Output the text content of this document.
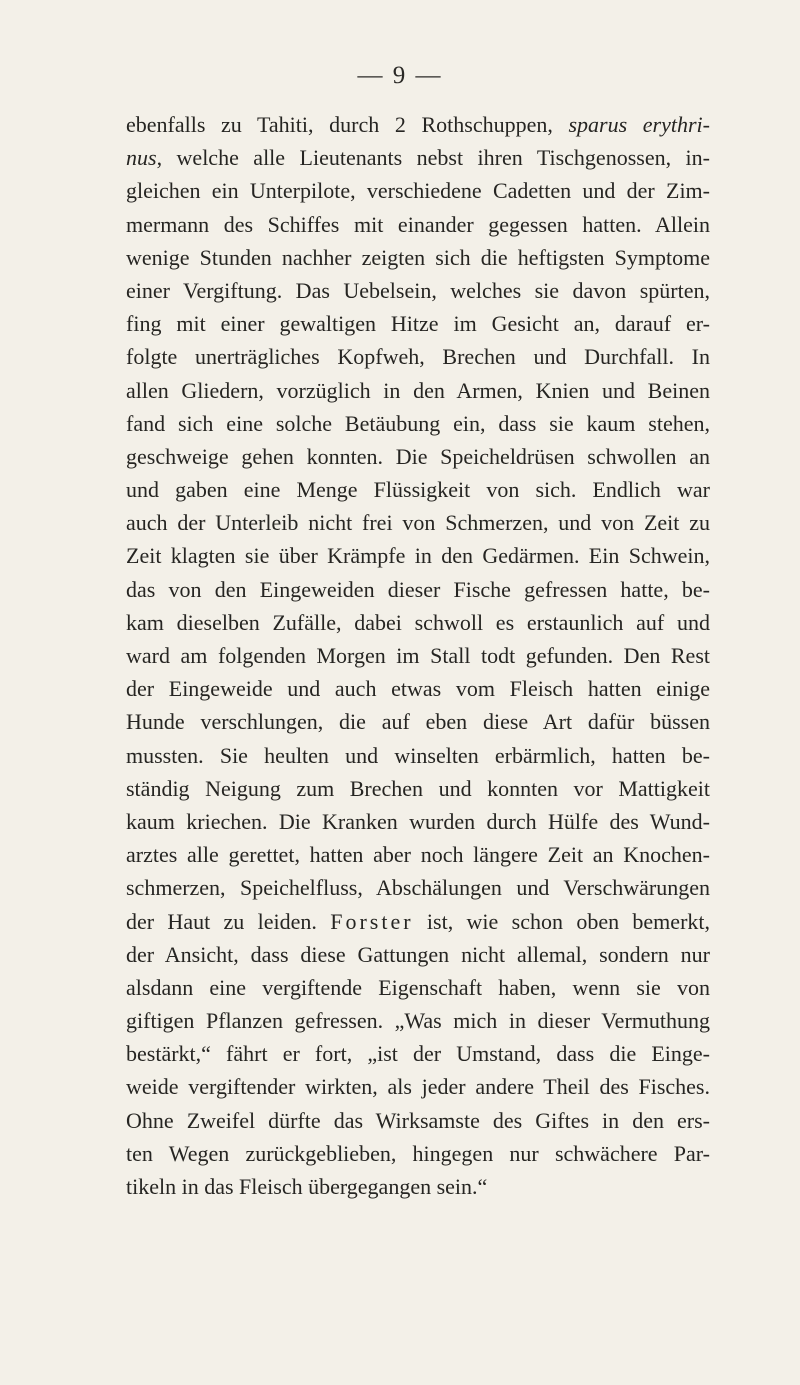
— 9 —
ebenfalls zu Tahiti, durch 2 Rothschuppen, sparus erythri-
nus, welche alle Lieutenants nebst ihren Tischgenossen, in-
gleichen ein Unterpilote, verschiedene Cadetten und der Zim-
mermann des Schiffes mit einander gegessen hatten. Allein
wenige Stunden nachher zeigten sich die heftigsten Symptome
einer Vergiftung. Das Uebelsein, welches sie davon spürten,
fing mit einer gewaltigen Hitze im Gesicht an, darauf er-
folgte unerträgliches Kopfweh, Brechen und Durchfall. In
allen Gliedern, vorzüglich in den Armen, Knien und Beinen
fand sich eine solche Betäubung ein, dass sie kaum stehen,
geschweige gehen konnten. Die Speicheldrüsen schwollen an
und gaben eine Menge Flüssigkeit von sich. Endlich war
auch der Unterleib nicht frei von Schmerzen, und von Zeit zu
Zeit klagten sie über Krämpfe in den Gedärmen. Ein Schwein,
das von den Eingeweiden dieser Fische gefressen hatte, be-
kam dieselben Zufälle, dabei schwoll es erstaunlich auf und
ward am folgenden Morgen im Stall todt gefunden. Den Rest
der Eingeweide und auch etwas vom Fleisch hatten einige
Hunde verschlungen, die auf eben diese Art dafür büssen
mussten. Sie heulten und winselten erbärmlich, hatten be-
ständig Neigung zum Brechen und konnten vor Mattigkeit
kaum kriechen. Die Kranken wurden durch Hülfe des Wund-
arztes alle gerettet, hatten aber noch längere Zeit an Knochen-
schmerzen, Speichelfluss, Abschälungen und Verschwärungen
der Haut zu leiden. Forster ist, wie schon oben bemerkt,
der Ansicht, dass diese Gattungen nicht allemal, sondern nur
alsdann eine vergiftende Eigenschaft haben, wenn sie von
giftigen Pflanzen gefressen. „Was mich in dieser Vermuthung
bestärkt,“ fährt er fort, „ist der Umstand, dass die Einge-
weide vergiftender wirkten, als jeder andere Theil des Fisches.
Ohne Zweifel dürfte das Wirksamste des Giftes in den ers-
ten Wegen zurückgeblieben, hingegen nur schwächere Par-
tikeln in das Fleisch übergegangen sein.“
